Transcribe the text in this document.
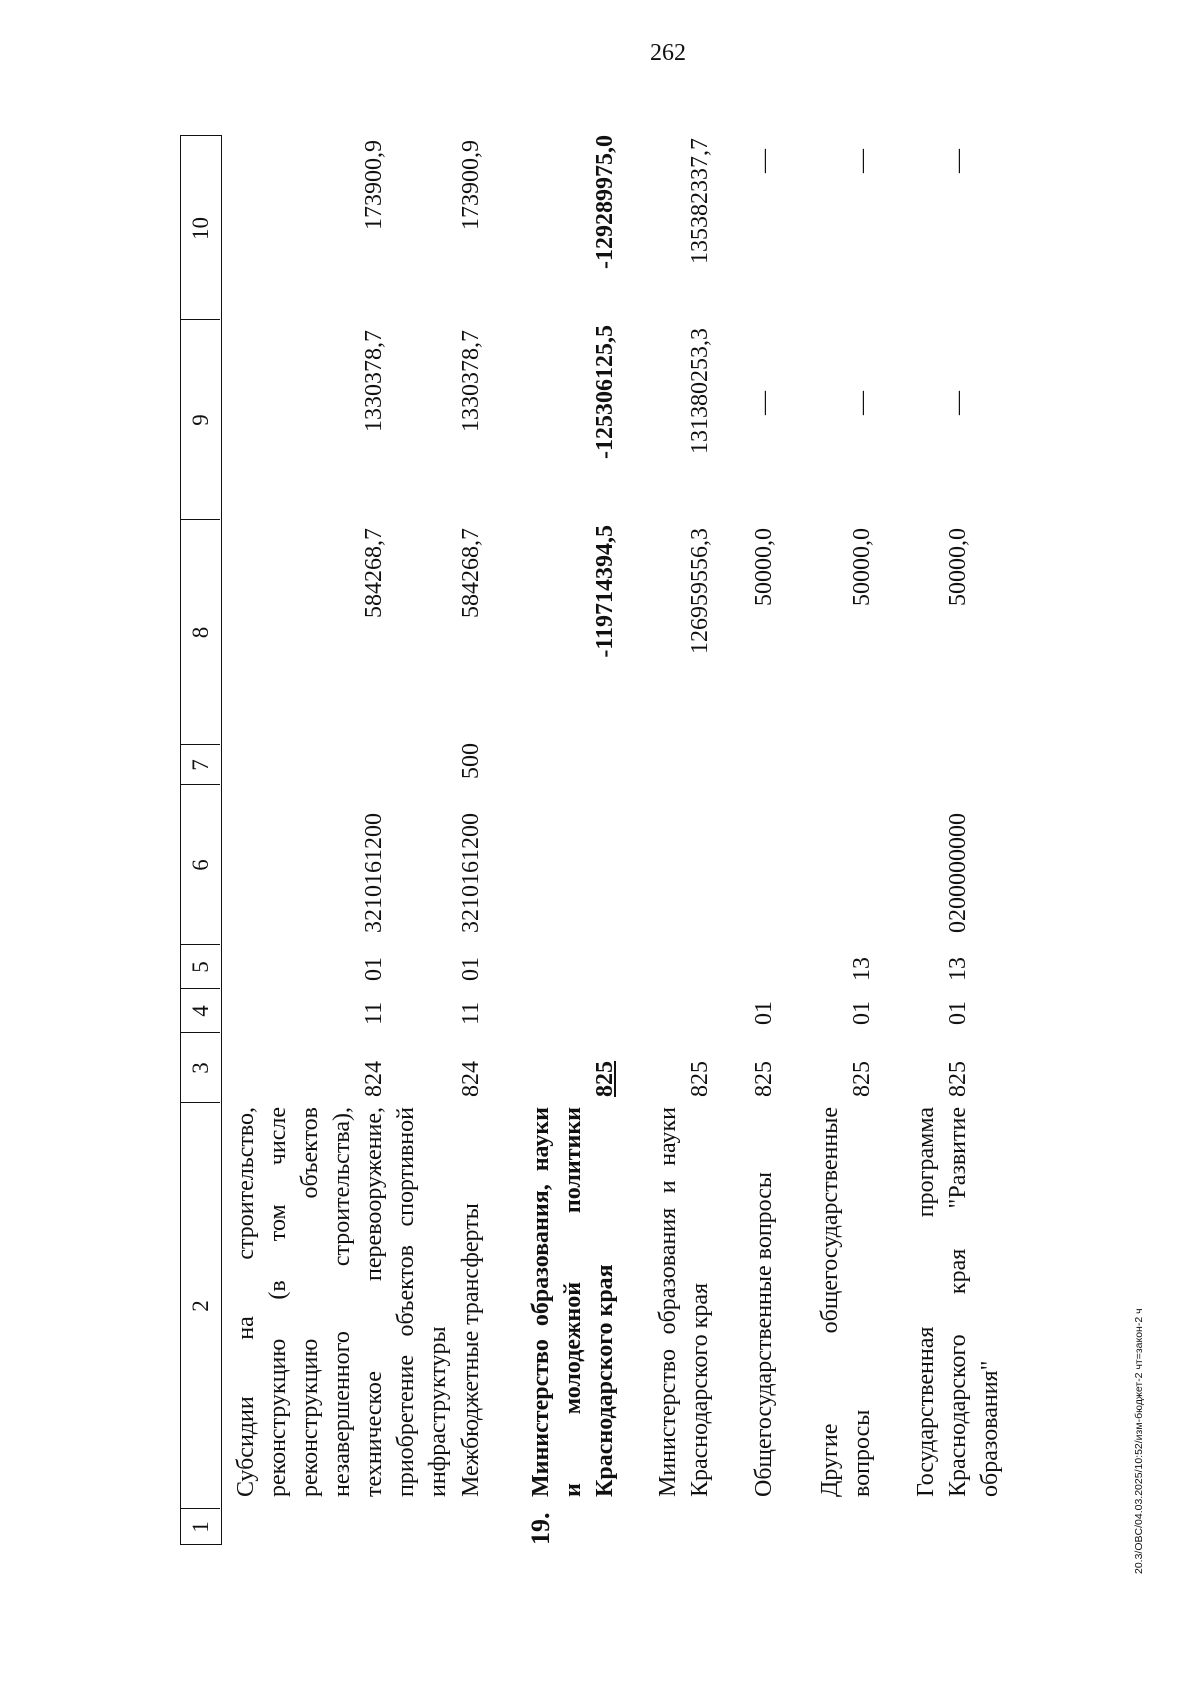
262
20.3/OBC/04.03.2025/10:52/изм-бюджет-2 чт=закон-2 ч
1
2
3
4
5
6
7
8
9
10
Субсидии на строительство, реконструкцию (в том числе реконструкцию объектов незавершенного строительства), техническое перевооружение, приобретение объектов спортивной инфраструктуры
824
11
01
3210161200
584268,7
1330378,7
173900,9
Межбюджетные трансферты
824
11
01
3210161200
500
584268,7
1330378,7
173900,9
19.
Министерство образования, науки и молодежной политики Краснодарского края
825
-119714394,5
-125306125,5
-129289975,0
Министерство образования и науки Краснодарского края
825
126959556,3
131380253,3
135382337,7
Общегосударственные вопросы
825
01
50000,0
—
—
Другие общегосударственные вопросы
825
01
13
50000,0
—
—
Государственная программа Краснодарского края "Развитие образования"
825
01
13
0200000000
50000,0
—
—
